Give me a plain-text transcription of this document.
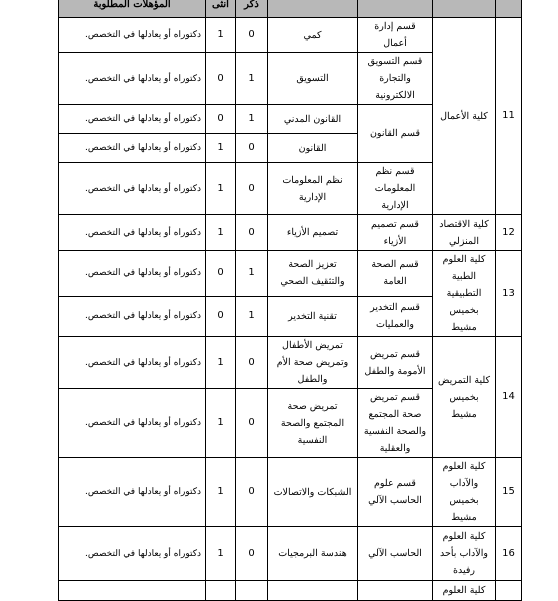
				ذكر	انثى	المؤهلات المطلوبة
11	كلية الأعمال	قسم إدارة أعمال	كمي	0	1	دكتوراه أو يعادلها في التخصص.
		قسم التسويق والتجارة الالكترونية	التسويق	1	0	دكتوراه أو يعادلها في التخصص.
		قسم القانون	القانون المدني	1	0	دكتوراه أو يعادلها في التخصص.
			القانون	0	1	دكتوراه أو يعادلها في التخصص.
		قسم نظم المعلومات الإدارية	نظم المعلومات الإدارية	0	1	دكتوراه أو يعادلها في التخصص.
12	كلية الاقتصاد المنزلي	قسم تصميم الأزياء	تصميم الأزياء	0	1	دكتوراه أو يعادلها في التخصص.
13	كلية العلوم الطبية التطبيقية بخميس مشيط	قسم الصحة العامة	تعزيز الصحة والتثقيف الصحي	1	0	دكتوراه أو يعادلها في التخصص.
		قسم التخدير والعمليات	تقنية التخدير	1	0	دكتوراه أو يعادلها في التخصص.
14	كلية التمريض بخميس مشيط	قسم تمريض الأمومة والطفل	تمريض الأطفال وتمريض صحة الأم والطفل	0	1	دكتوراه أو يعادلها في التخصص.
		قسم تمريض صحة المجتمع والصحة النفسية والعقلية	تمريض صحة المجتمع والصحة النفسية	0	1	دكتوراه أو يعادلها في التخصص.
15	كلية العلوم والآداب بخميس مشيط	قسم علوم الحاسب الآلي	الشبكات والاتصالات	0	1	دكتوراه أو يعادلها في التخصص.
16	كلية العلوم والآداب بأحد رفيدة	الحاسب الآلي	هندسة البرمجيات	0	1	دكتوراه أو يعادلها في التخصص.
	كلية العلوم					
